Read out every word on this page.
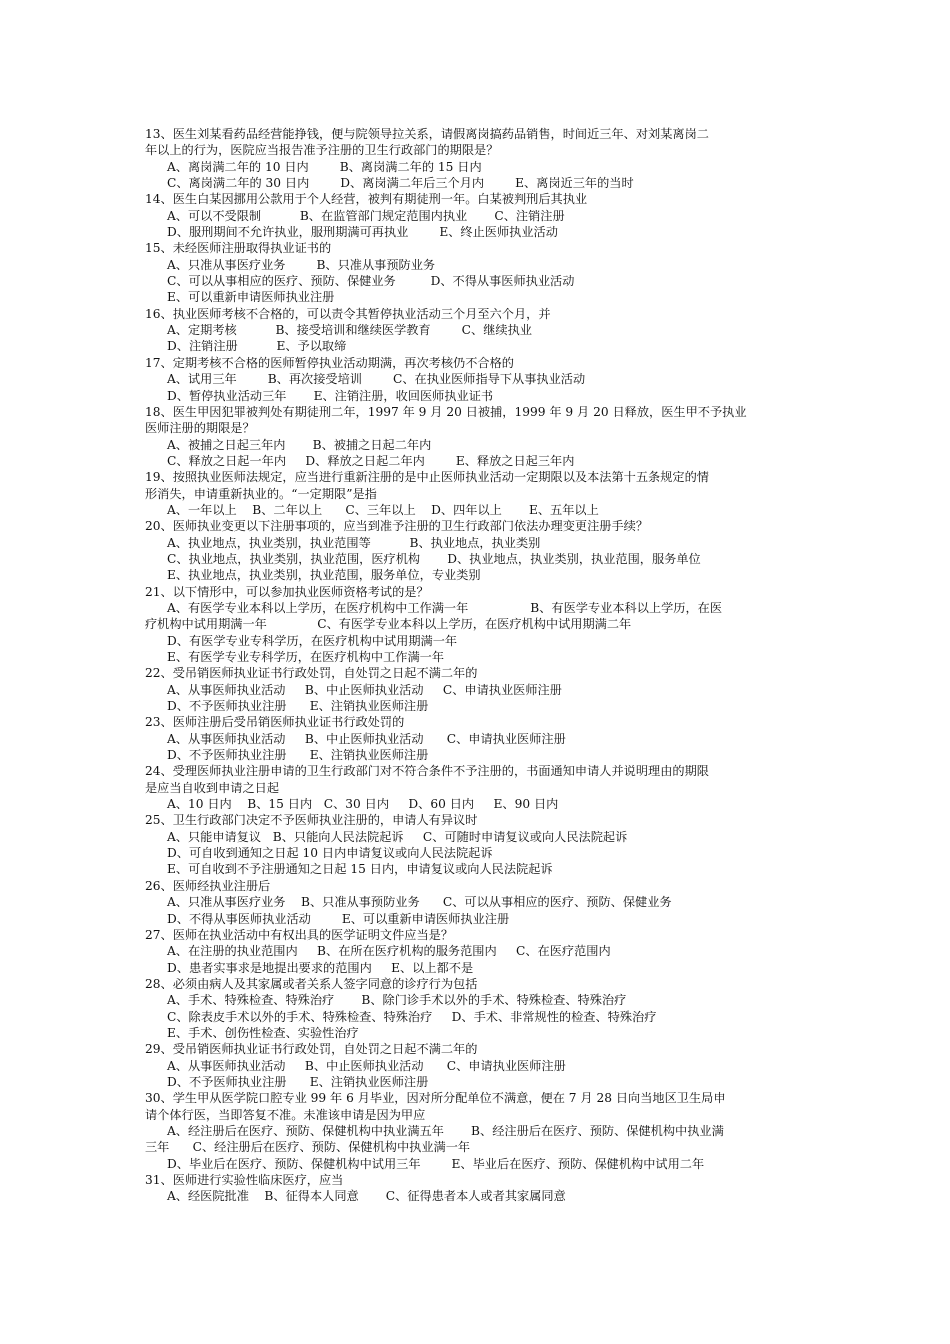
13、医生刘某看药品经营能挣钱，便与院领导拉关系，请假离岗搞药品销售，时间近三年、对刘某离岗二
年以上的行为，医院应当报告准予注册的卫生行政部门的期限是？
A、离岗满二年的 10 日内        B、离岗满二年的 15 日内
C、离岗满二年的 30 日内        D、离岗满二年后三个月内        E、离岗近三年的当时
14、医生白某因挪用公款用于个人经营，被判有期徒刑一年。白某被判刑后其执业
A、可以不受限制          B、在监管部门规定范围内执业       C、注销注册
D、服刑期间不允许执业，服刑期满可再执业        E、终止医师执业活动
15、未经医师注册取得执业证书的
A、只准从事医疗业务        B、只准从事预防业务
C、可以从事相应的医疗、预防、保健业务         D、不得从事医师执业活动
E、可以重新申请医师执业注册
16、执业医师考核不合格的，可以责令其暂停执业活动三个月至六个月，并
A、定期考核          B、接受培训和继续医学教育        C、继续执业
D、注销注册          E、予以取缔
17、定期考核不合格的医师暂停执业活动期满，再次考核仍不合格的
A、试用三年        B、再次接受培训        C、在执业医师指导下从事执业活动
D、暂停执业活动三年       E、注销注册，收回医师执业证书
18、医生甲因犯罪被判处有期徒刑二年，1997 年 9 月 20 日被捕，1999 年 9 月 20 日释放，医生甲不予执业
医师注册的期限是？
A、被捕之日起三年内       B、被捕之日起二年内
C、释放之日起一年内     D、释放之日起二年内        E、释放之日起三年内
19、按照执业医师法规定，应当进行重新注册的是中止医师执业活动一定期限以及本法第十五条规定的情
形消失，申请重新执业的。“一定期限”是指
A、一年以上    B、二年以上      C、三年以上    D、四年以上       E、五年以上
20、医师执业变更以下注册事项的，应当到准予注册的卫生行政部门依法办理变更注册手续？
A、执业地点，执业类别，执业范围等          B、执业地点，执业类别
C、执业地点，执业类别，执业范围，医疗机构       D、执业地点，执业类别，执业范围，服务单位
E、执业地点，执业类别，执业范围，服务单位，专业类别
21、以下情形中，可以参加执业医师资格考试的是？
A、有医学专业本科以上学历，在医疗机构中工作满一年                B、有医学专业本科以上学历，在医
疗机构中试用期满一年             C、有医学专业本科以上学历，在医疗机构中试用期满二年
D、有医学专业专科学历，在医疗机构中试用期满一年
E、有医学专业专科学历，在医疗机构中工作满一年
22、受吊销医师执业证书行政处罚，自处罚之日起不满二年的
A、从事医师执业活动     B、中止医师执业活动     C、申请执业医师注册
D、不予医师执业注册      E、注销执业医师注册
23、医师注册后受吊销医师执业证书行政处罚的
A、从事医师执业活动     B、中止医师执业活动      C、申请执业医师注册
D、不予医师执业注册      E、注销执业医师注册
24、受理医师执业注册申请的卫生行政部门对不符合条件不予注册的，书面通知申请人并说明理由的期限
是应当自收到申请之日起
A、10 日内    B、15 日内   C、30 日内     D、60 日内     E、90 日内
25、卫生行政部门决定不予医师执业注册的，申请人有异议时
A、只能申请复议   B、只能向人民法院起诉     C、可随时申请复议或向人民法院起诉
D、可自收到通知之日起 10 日内申请复议或向人民法院起诉
E、可自收到不予注册通知之日起 15 日内，申请复议或向人民法院起诉
26、医师经执业注册后
A、只准从事医疗业务    B、只准从事预防业务      C、可以从事相应的医疗、预防、保健业务
D、不得从事医师执业活动        E、可以重新申请医师执业注册
27、医师在执业活动中有权出具的医学证明文件应当是？
A、在注册的执业范围内     B、在所在医疗机构的服务范围内     C、在医疗范围内
D、患者实事求是地提出要求的范围内     E、以上都不是
28、必须由病人及其家属或者关系人签字同意的诊疗行为包括
A、手术、特殊检查、特殊治疗       B、除门诊手术以外的手术、特殊检查、特殊治疗
C、除表皮手术以外的手术、特殊检查、特殊治疗     D、手术、非常规性的检查、特殊治疗
E、手术、创伤性检查、实验性治疗
29、受吊销医师执业证书行政处罚，自处罚之日起不满二年的
A、从事医师执业活动     B、中止医师执业活动      C、申请执业医师注册
D、不予医师执业注册      E、注销执业医师注册
30、学生甲从医学院口腔专业 99 年 6 月毕业，因对所分配单位不满意，便在 7 月 28 日向当地区卫生局申
请个体行医，当即答复不准。未准该申请是因为甲应
A、经注册后在医疗、预防、保健机构中执业满五年       B、经注册后在医疗、预防、保健机构中执业满
三年      C、经注册后在医疗、预防、保健机构中执业满一年
D、毕业后在医疗、预防、保健机构中试用三年        E、毕业后在医疗、预防、保健机构中试用二年
31、医师进行实验性临床医疗，应当
A、经医院批准    B、征得本人同意       C、征得患者本人或者其家属同意
